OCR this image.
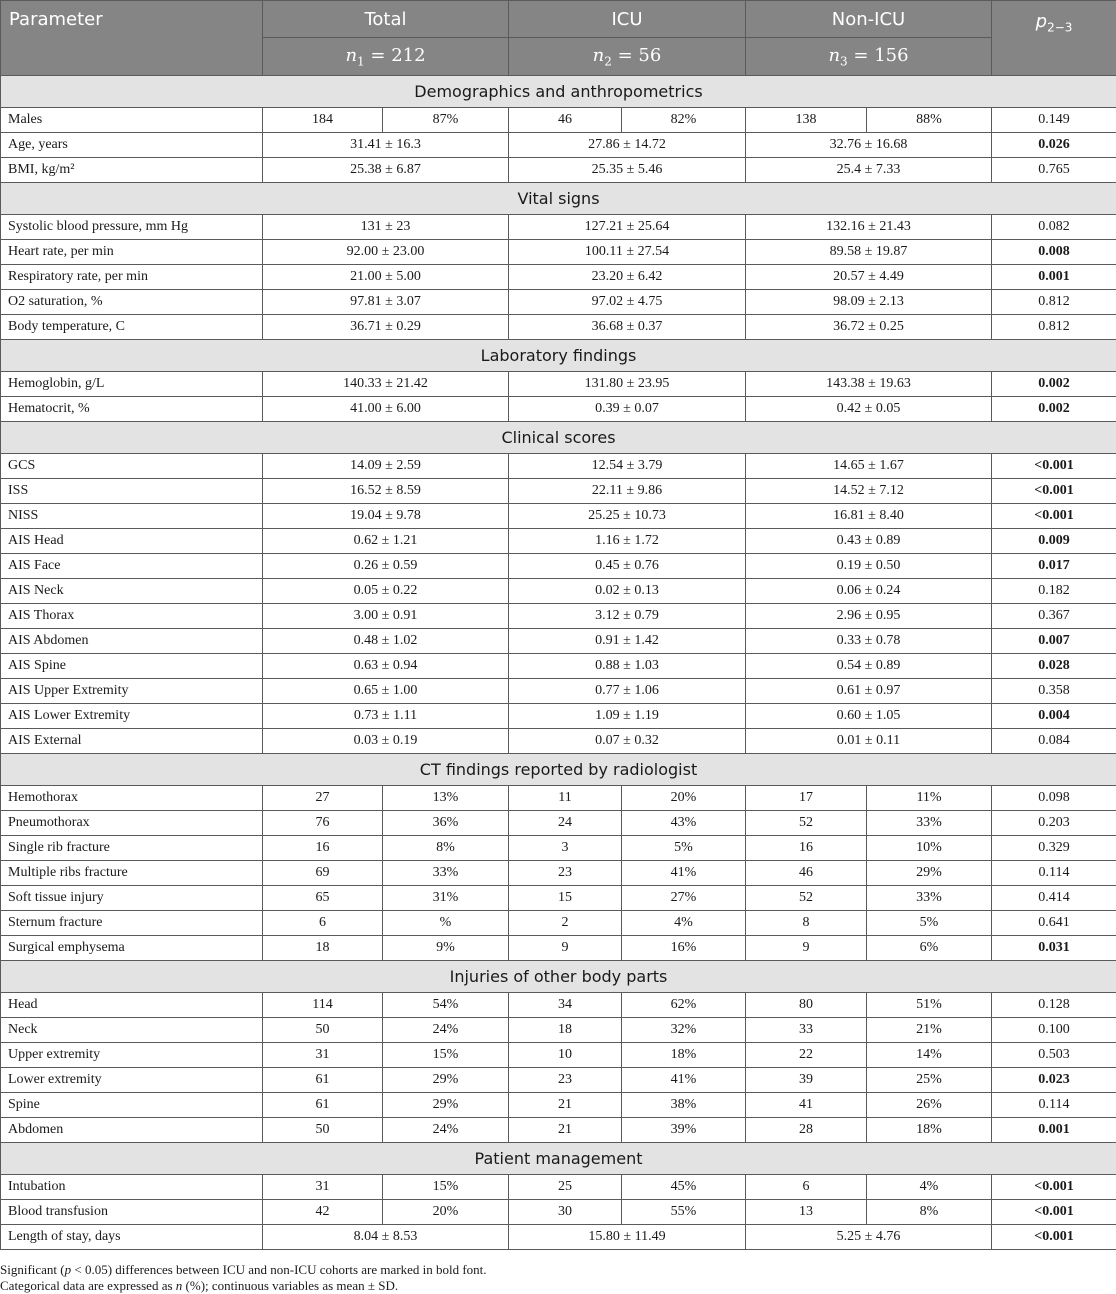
Parameter	Total		ICU		Non-ICU		$p_{2-3}$
	$n_1 = 212$		$n_2 = 56$		$n_3 = 156$		
Demographics and anthropometrics							
Males	184	87%	46	82%	138	88%	0.149
Age, years	31.41 ± 16.3		27.86 ± 14.72		32.76 ± 16.68		0.026
BMI, kg/m²	25.38 ± 6.87		25.35 ± 5.46		25.4 ± 7.33		0.765
Vital signs							
Systolic blood pressure, mm Hg	131 ± 23		127.21 ± 25.64		132.16 ± 21.43		0.082
Heart rate, per min	92.00 ± 23.00		100.11 ± 27.54		89.58 ± 19.87		0.008
Respiratory rate, per min	21.00 ± 5.00		23.20 ± 6.42		20.57 ± 4.49		0.001
O2 saturation, %	97.81 ± 3.07		97.02 ± 4.75		98.09 ± 2.13		0.812
Body temperature, C	36.71 ± 0.29		36.68 ± 0.37		36.72 ± 0.25		0.812
Laboratory findings							
Hemoglobin, g/L	140.33 ± 21.42		131.80 ± 23.95		143.38 ± 19.63		0.002
Hematocrit, %	41.00 ± 6.00		0.39 ± 0.07		0.42 ± 0.05		0.002
Clinical scores							
GCS	14.09 ± 2.59		12.54 ± 3.79		14.65 ± 1.67		<0.001
ISS	16.52 ± 8.59		22.11 ± 9.86		14.52 ± 7.12		<0.001
NISS	19.04 ± 9.78		25.25 ± 10.73		16.81 ± 8.40		<0.001
AIS Head	0.62 ± 1.21		1.16 ± 1.72		0.43 ± 0.89		0.009
AIS Face	0.26 ± 0.59		0.45 ± 0.76		0.19 ± 0.50		0.017
AIS Neck	0.05 ± 0.22		0.02 ± 0.13		0.06 ± 0.24		0.182
AIS Thorax	3.00 ± 0.91		3.12 ± 0.79		2.96 ± 0.95		0.367
AIS Abdomen	0.48 ± 1.02		0.91 ± 1.42		0.33 ± 0.78		0.007
AIS Spine	0.63 ± 0.94		0.88 ± 1.03		0.54 ± 0.89		0.028
AIS Upper Extremity	0.65 ± 1.00		0.77 ± 1.06		0.61 ± 0.97		0.358
AIS Lower Extremity	0.73 ± 1.11		1.09 ± 1.19		0.60 ± 1.05		0.004
AIS External	0.03 ± 0.19		0.07 ± 0.32		0.01 ± 0.11		0.084
CT findings reported by radiologist							
Hemothorax	27	13%	11	20%	17	11%	0.098
Pneumothorax	76	36%	24	43%	52	33%	0.203
Single rib fracture	16	8%	3	5%	16	10%	0.329
Multiple ribs fracture	69	33%	23	41%	46	29%	0.114
Soft tissue injury	65	31%	15	27%	52	33%	0.414
Sternum fracture	6	%	2	4%	8	5%	0.641
Surgical emphysema	18	9%	9	16%	9	6%	0.031
Injuries of other body parts							
Head	114	54%	34	62%	80	51%	0.128
Neck	50	24%	18	32%	33	21%	0.100
Upper extremity	31	15%	10	18%	22	14%	0.503
Lower extremity	61	29%	23	41%	39	25%	0.023
Spine	61	29%	21	38%	41	26%	0.114
Abdomen	50	24%	21	39%	28	18%	0.001
Patient management							
Intubation	31	15%	25	45%	6	4%	<0.001
Blood transfusion	42	20%	30	55%	13	8%	<0.001
Length of stay, days	8.04 ± 8.53		15.80 ± 11.49		5.25 ± 4.76		<0.001
Significant (p < 0.05) differences between ICU and non-ICU cohorts are marked in bold font.
Categorical data are expressed as n (%); continuous variables as mean ± SD.
